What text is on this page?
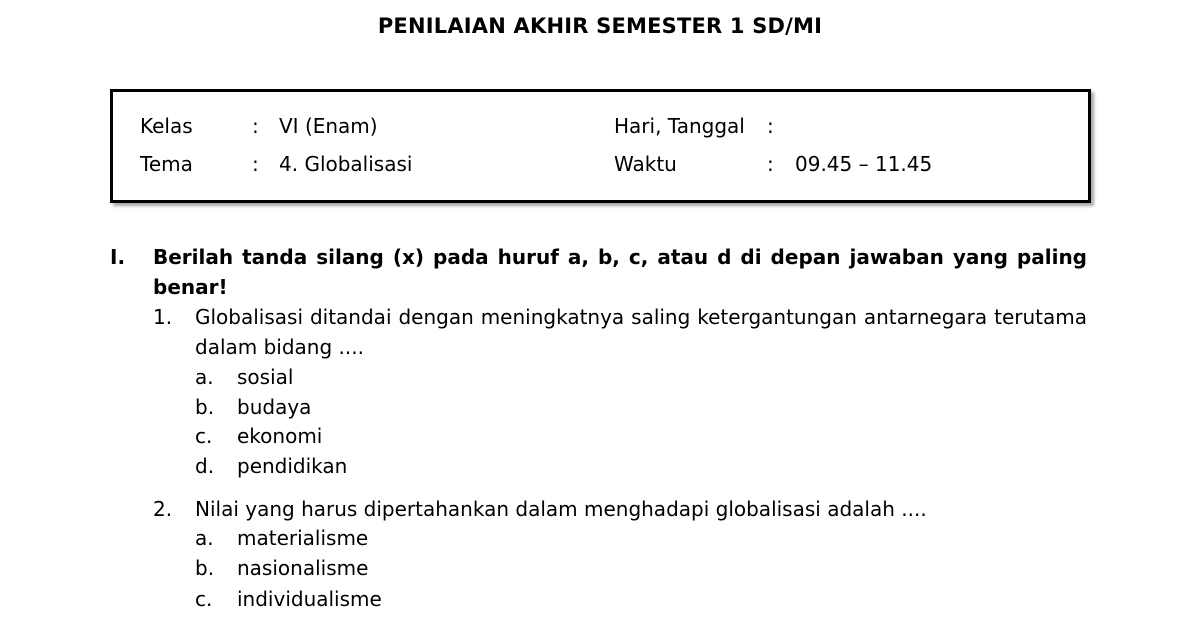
PENILAIAN AKHIR SEMESTER 1 SD/MI
Kelas	: VI (Enam)	Hari, Tanggal :
Tema	: 4. Globalisasi	Waktu	: 09.45 – 11.45
I. Berilah tanda silang (x) pada huruf a, b, c, atau d di depan jawaban yang paling benar!
1. Globalisasi ditandai dengan meningkatnya saling ketergantungan antarnegara terutama
dalam bidang ....
a. sosial
b. budaya
c. ekonomi
d. pendidikan
2. Nilai yang harus dipertahankan dalam menghadapi globalisasi adalah ....
a. materialisme
b. nasionalisme
c. individualisme
